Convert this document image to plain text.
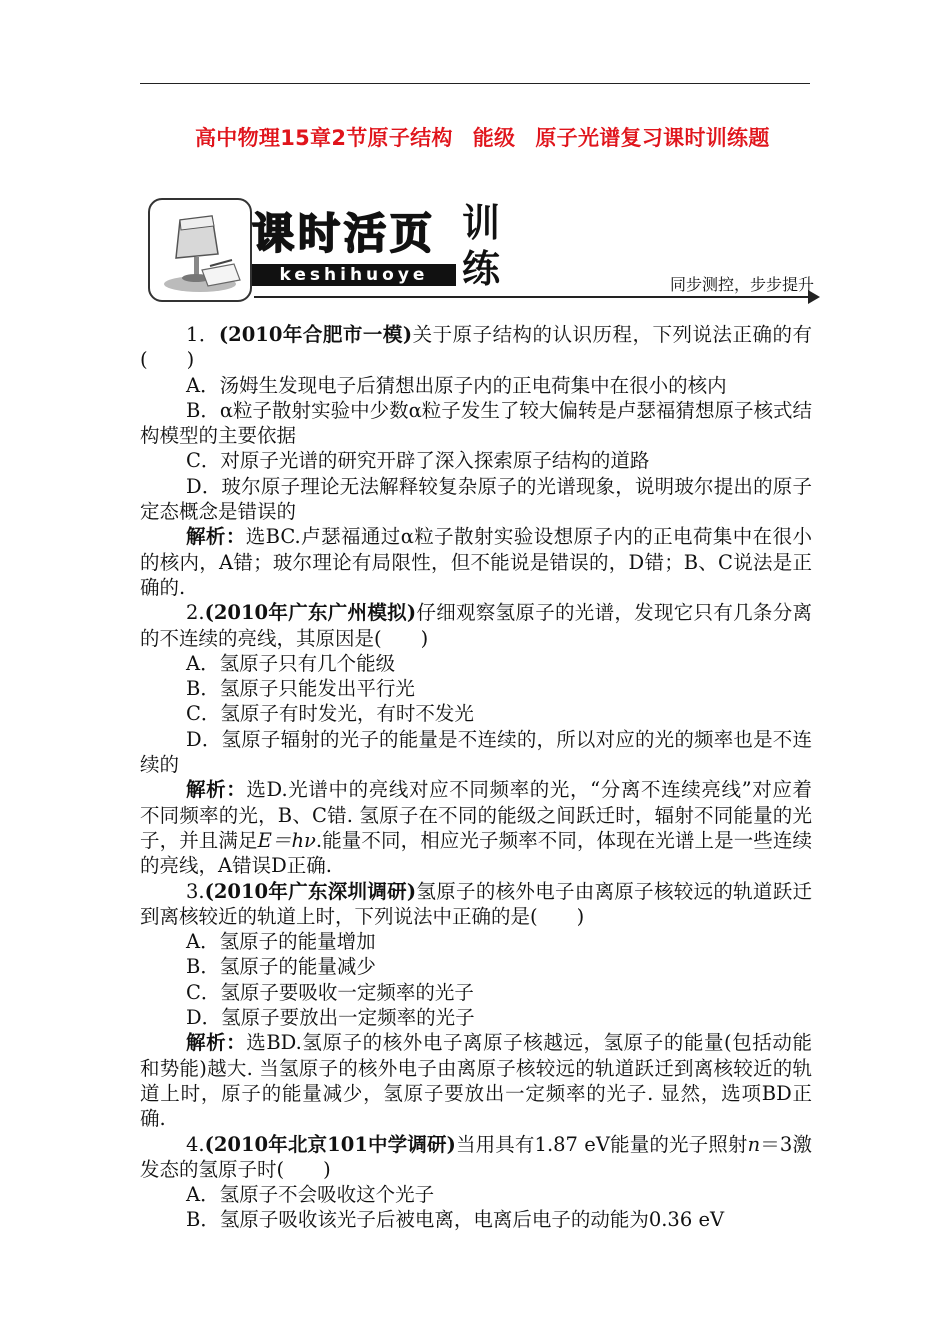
高中物理15章2节原子结构 能级 原子光谱复习课时训练题
课时活页
keshihuoye
训练	同步测控，步步提升

1．(2010年合肥市一模)关于原子结构的认识历程，下列说法正确的有(　　)

A．汤姆生发现电子后猜想出原子内的正电荷集中在很小的核内

B．α粒子散射实验中少数α粒子发生了较大偏转是卢瑟福猜想原子核式结构模型的主要依据

C．对原子光谱的研究开辟了深入探索原子结构的道路

D．玻尔原子理论无法解释较复杂原子的光谱现象，说明玻尔提出的原子定态概念是错误的

解析：选BC.卢瑟福通过α粒子散射实验设想原子内的正电荷集中在很小的核内，A错；玻尔理论有局限性，但不能说是错误的，D错；B、C说法是正确的.

2.(2010年广东广州模拟)仔细观察氢原子的光谱，发现它只有几条分离的不连续的亮线，其原因是(　　)

A．氢原子只有几个能级

B．氢原子只能发出平行光

C．氢原子有时发光，有时不发光

D．氢原子辐射的光子的能量是不连续的，所以对应的光的频率也是不连续的

解析：选D.光谱中的亮线对应不同频率的光，“分离不连续亮线”对应着不同频率的光，B、C错. 氢原子在不同的能级之间跃迁时，辐射不同能量的光子，并且满足E＝hν.能量不同，相应光子频率不同，体现在光谱上是一些连续的亮线，A错误D正确.

3.(2010年广东深圳调研)氢原子的核外电子由离原子核较远的轨道跃迁到离核较近的轨道上时，下列说法中正确的是(　　)

A．氢原子的能量增加

B．氢原子的能量减少

C．氢原子要吸收一定频率的光子

D．氢原子要放出一定频率的光子

解析：选BD.氢原子的核外电子离原子核越远，氢原子的能量(包括动能和势能)越大. 当氢原子的核外电子由离原子核较远的轨道跃迁到离核较近的轨道上时，原子的能量减少，氢原子要放出一定频率的光子. 显然，选项BD正确.

4.(2010年北京101中学调研)当用具有1.87 eV能量的光子照射n＝3激发态的氢原子时(　　)

A．氢原子不会吸收这个光子

B．氢原子吸收该光子后被电离，电离后电子的动能为0.36 eV
